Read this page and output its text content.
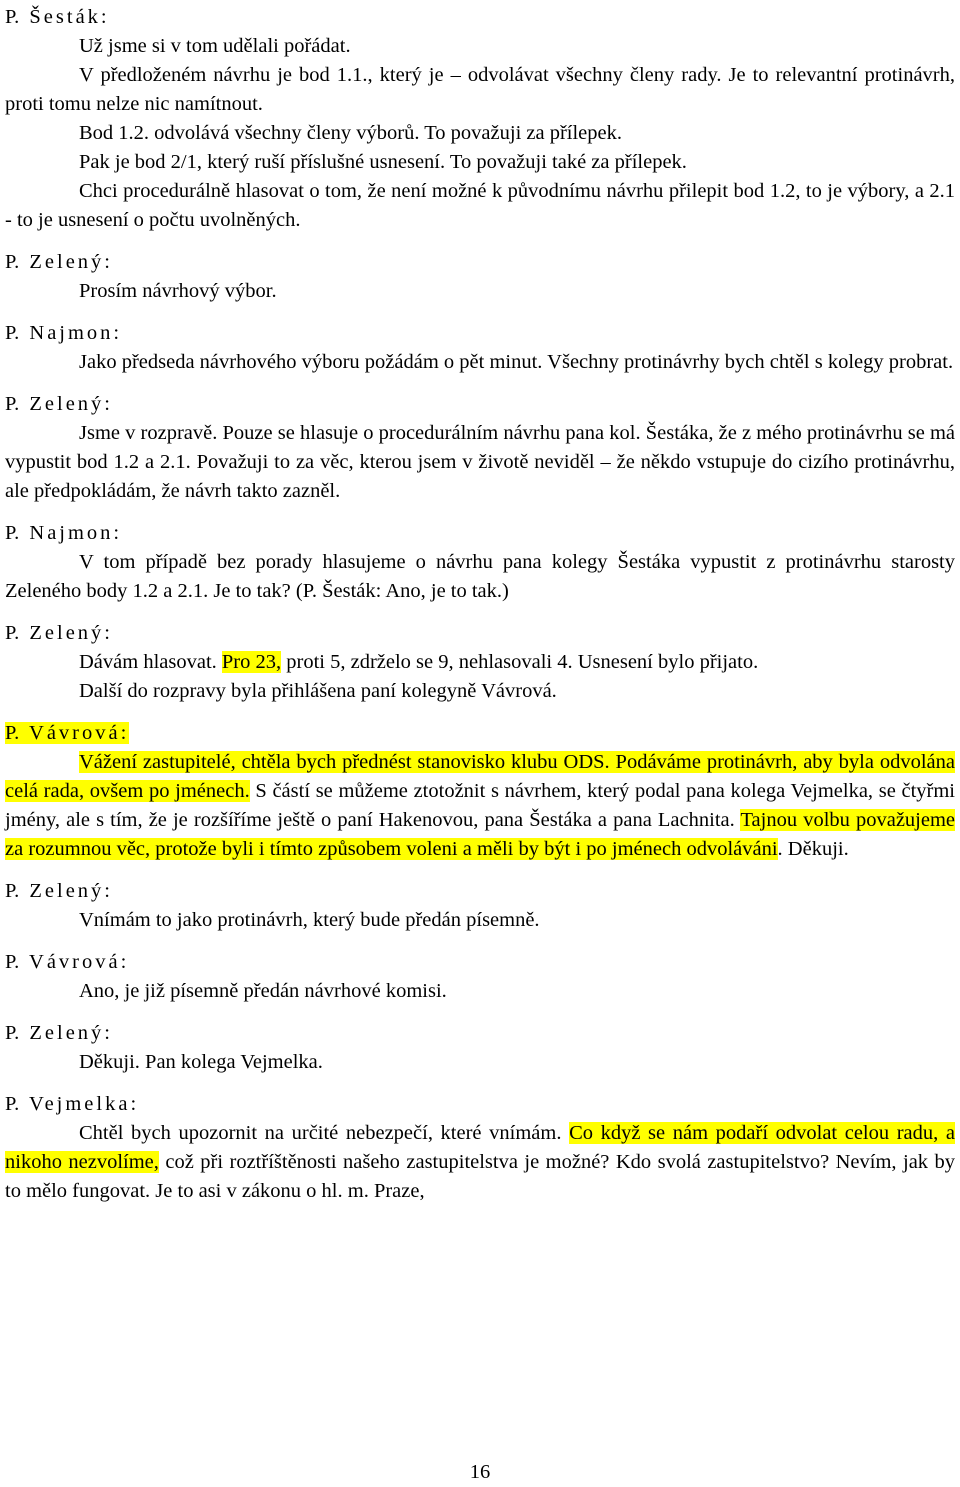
P. Šesták:

Už jsme si v tom udělali pořádat.

V předloženém návrhu je bod 1.1., který je – odvolávat všechny členy rady. Je to relevantní protinávrh, proti tomu nelze nic namítnout.

Bod 1.2. odvolává všechny členy výborů. To považuji za přílepek.

Pak je bod 2/1, který ruší příslušné usnesení. To považuji také za přílepek.

Chci procedurálně hlasovat o tom, že není možné k původnímu návrhu přilepit bod 1.2, to je výbory, a 2.1 - to je usnesení o počtu uvolněných.

P. Zelený:

Prosím návrhový výbor.

P. Najmon:

Jako předseda návrhového výboru požádám o pět minut. Všechny protinávrhy bych chtěl s kolegy probrat.

P. Zelený:

Jsme v rozpravě. Pouze se hlasuje o procedurálním návrhu pana kol. Šestáka, že z mého protinávrhu se má vypustit bod 1.2 a 2.1. Považuji to za věc, kterou jsem v životě neviděl – že někdo vstupuje do cizího protinávrhu, ale předpokládám, že návrh takto zazněl.

P. Najmon:

V tom případě bez porady hlasujeme o návrhu pana kolegy Šestáka vypustit z protinávrhu starosty Zeleného body 1.2 a 2.1. Je to tak? (P. Šesták: Ano, je to tak.)

P. Zelený:

Dávám hlasovat. Pro 23, proti 5, zdrželo se 9, nehlasovali 4. Usnesení bylo přijato.

Další do rozpravy byla přihlášena paní kolegyně Vávrová.

P. Vávrová:

Vážení zastupitelé, chtěla bych přednést stanovisko klubu ODS. Podáváme protinávrh, aby byla odvolána celá rada, ovšem po jménech. S částí se můžeme ztotožnit s návrhem, který podal pana kolega Vejmelka, se čtyřmi jmény, ale s tím, že je rozšíříme ještě o paní Hakenovou, pana Šestáka a pana Lachnita. Tajnou volbu považujeme za rozumnou věc, protože byli i tímto způsobem voleni a měli by být i po jménech odvoláváni. Děkuji.

P. Zelený:

Vnímám to jako protinávrh, který bude předán písemně.

P. Vávrová:

Ano, je již písemně předán návrhové komisi.

P. Zelený:

Děkuji. Pan kolega Vejmelka.

P. Vejmelka:

Chtěl bych upozornit na určité nebezpečí, které vnímám. Co když se nám podaří odvolat celou radu, a nikoho nezvolíme, což při roztříštěnosti našeho zastupitelstva je možné? Kdo svolá zastupitelstvo? Nevím, jak by to mělo fungovat. Je to asi v zákonu o hl. m. Praze,

16
